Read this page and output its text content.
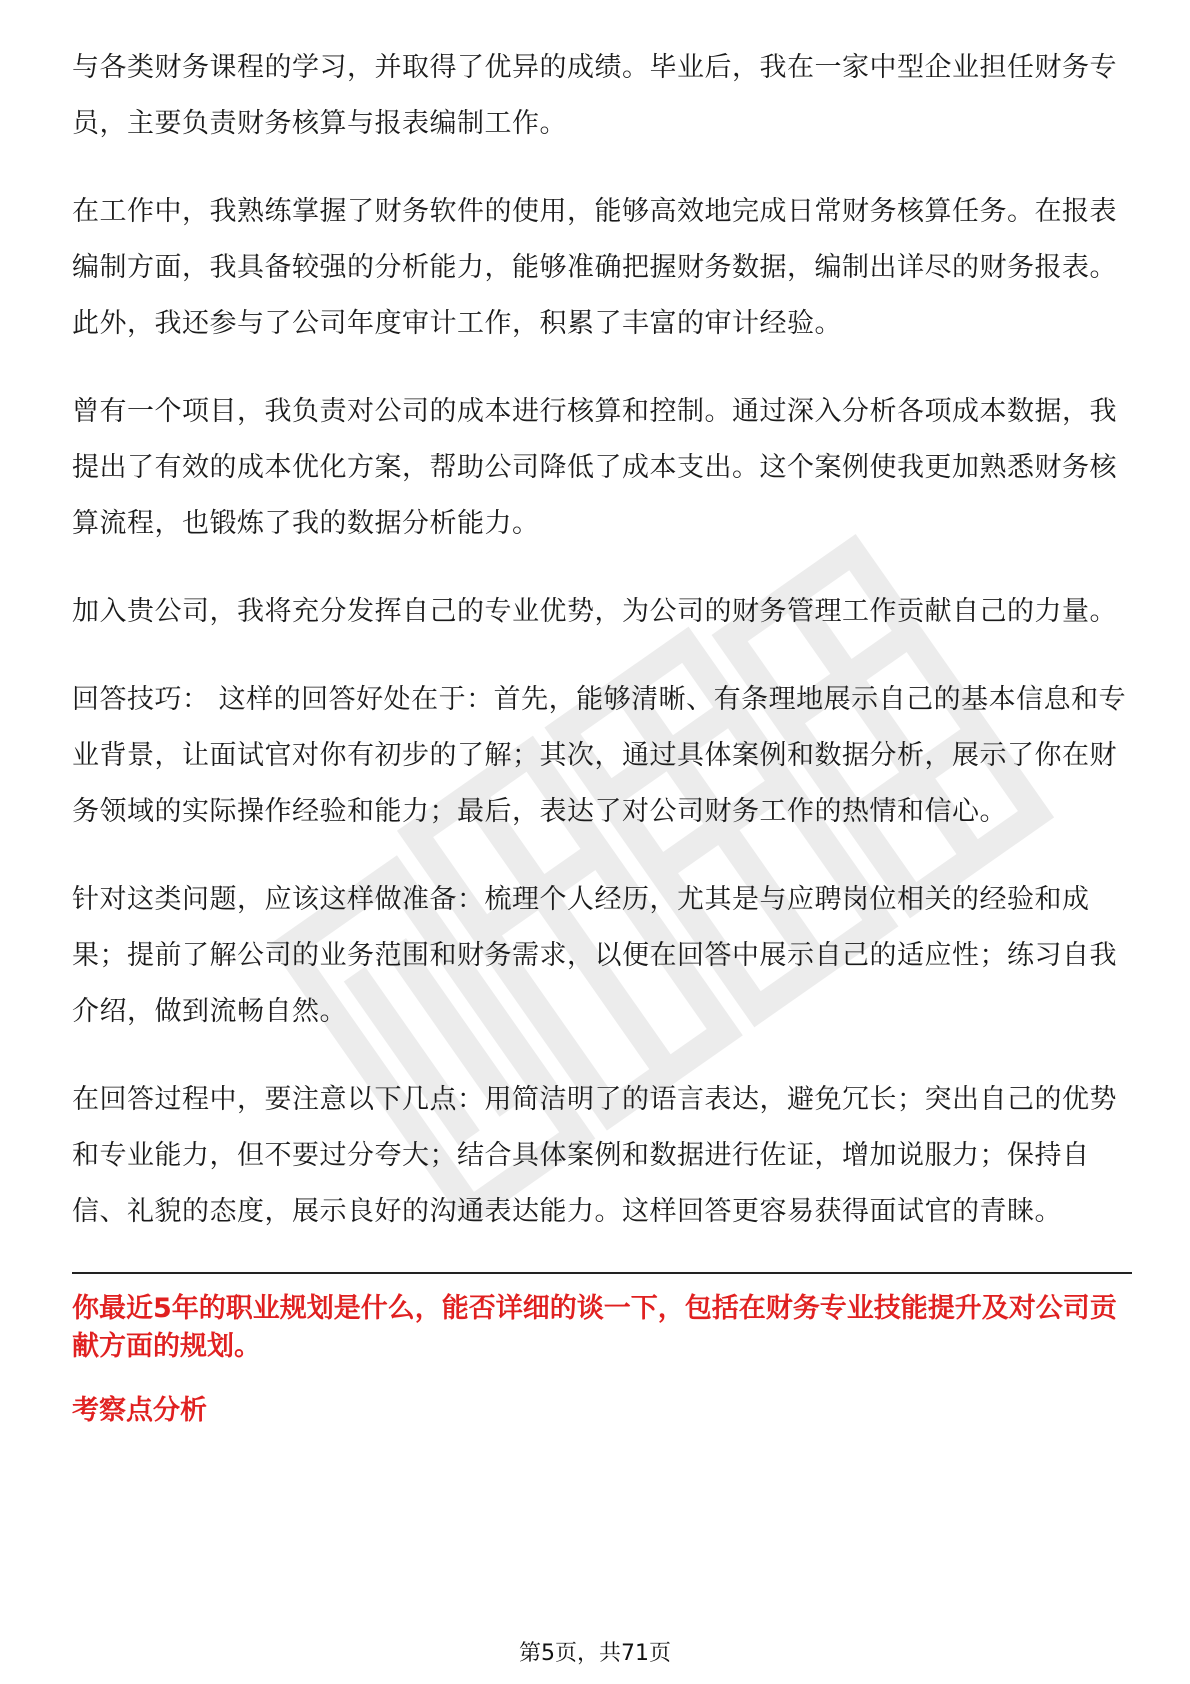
与各类财务课程的学习，并取得了优异的成绩。毕业后，我在一家中型企业担任财务专员，主要负责财务核算与报表编制工作。

在工作中，我熟练掌握了财务软件的使用，能够高效地完成日常财务核算任务。在报表编制方面，我具备较强的分析能力，能够准确把握财务数据，编制出详尽的财务报表。此外，我还参与了公司年度审计工作，积累了丰富的审计经验。

曾有一个项目，我负责对公司的成本进行核算和控制。通过深入分析各项成本数据，我提出了有效的成本优化方案，帮助公司降低了成本支出。这个案例使我更加熟悉财务核算流程，也锻炼了我的数据分析能力。

加入贵公司，我将充分发挥自己的专业优势，为公司的财务管理工作贡献自己的力量。

回答技巧： 这样的回答好处在于：首先，能够清晰、有条理地展示自己的基本信息和专业背景，让面试官对你有初步的了解；其次，通过具体案例和数据分析，展示了你在财务领域的实际操作经验和能力；最后，表达了对公司财务工作的热情和信心。

针对这类问题，应该这样做准备：梳理个人经历，尤其是与应聘岗位相关的经验和成果；提前了解公司的业务范围和财务需求，以便在回答中展示自己的适应性；练习自我介绍，做到流畅自然。

在回答过程中，要注意以下几点：用简洁明了的语言表达，避免冗长；突出自己的优势和专业能力，但不要过分夸大；结合具体案例和数据进行佐证，增加说服力；保持自信、礼貌的态度，展示良好的沟通表达能力。这样回答更容易获得面试官的青睐。

你最近5年的职业规划是什么，能否详细的谈一下，包括在财务专业技能提升及对公司贡献方面的规划。

考察点分析

第5页，共71页
